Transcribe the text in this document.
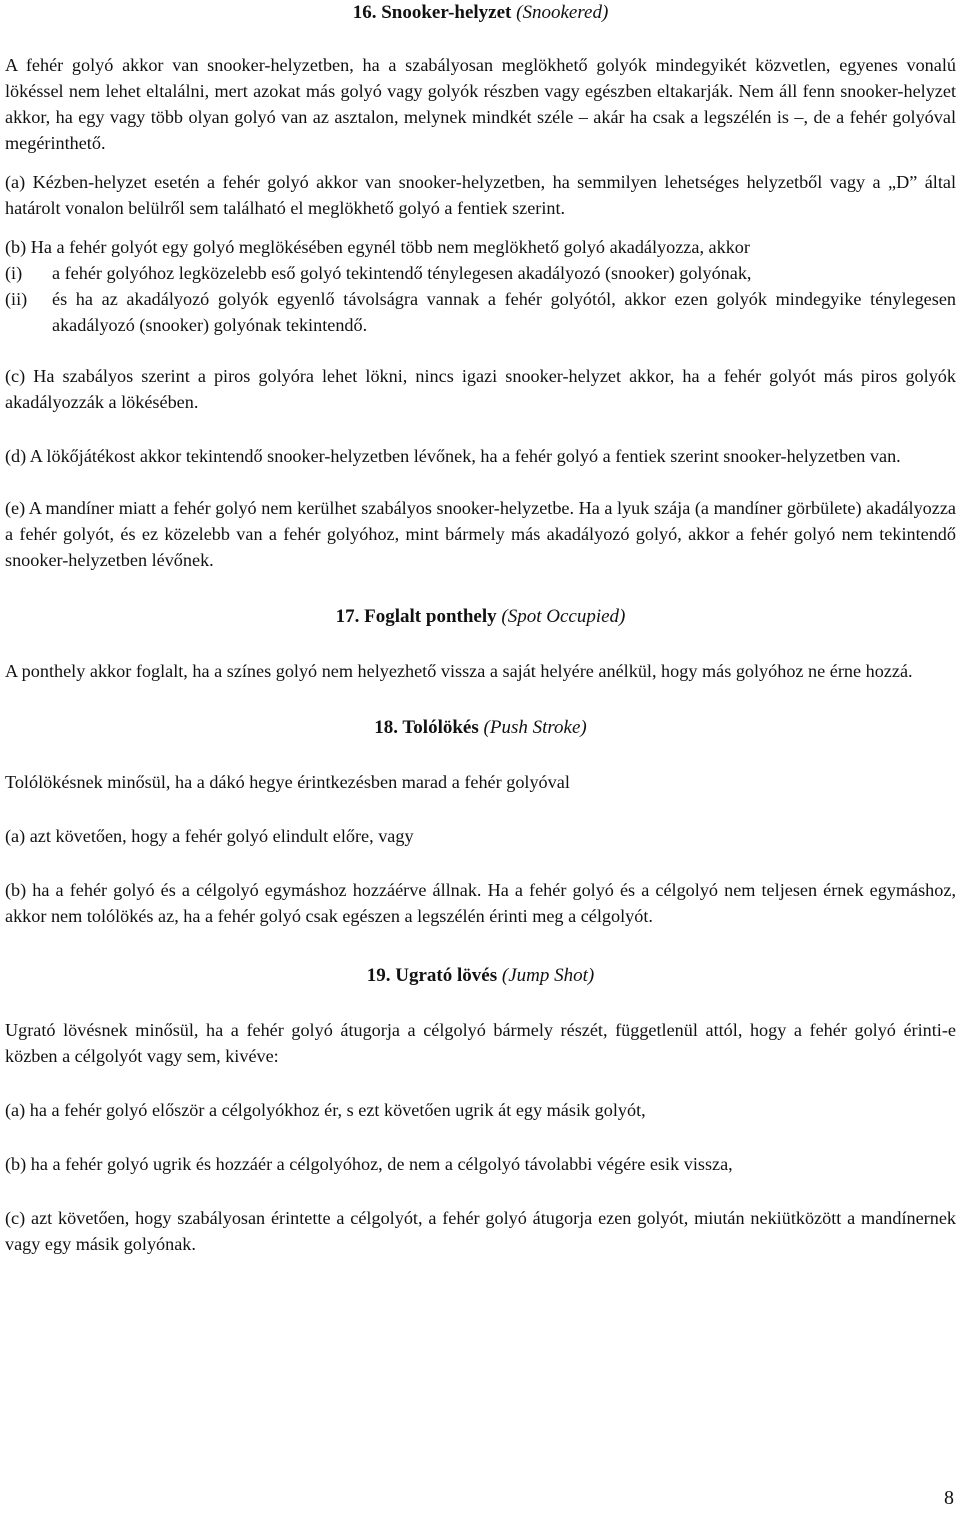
16. Snooker-helyzet (Snookered)

A fehér golyó akkor van snooker-helyzetben, ha a szabályosan meglökhető golyók mindegyikét közvetlen, egyenes vonalú lökéssel nem lehet eltalálni, mert azokat más golyó vagy golyók részben vagy egészben eltakarják. Nem áll fenn snooker-helyzet akkor, ha egy vagy több olyan golyó van az asztalon, melynek mindkét széle – akár ha csak a legszélén is –, de a fehér golyóval megérinthető.

(a) Kézben-helyzet esetén a fehér golyó akkor van snooker-helyzetben, ha semmilyen lehetséges helyzetből vagy a „D” által határolt vonalon belülről sem található el meglökhető golyó a fentiek szerint.

(b) Ha a fehér golyót egy golyó meglökésében egynél több nem meglökhető golyó akadályozza, akkor

(i)	a fehér golyóhoz legközelebb eső golyó tekintendő ténylegesen akadályozó (snooker) golyónak,
(ii)	és ha az akadályozó golyók egyenlő távolságra vannak a fehér golyótól, akkor ezen golyók mindegyike ténylegesen akadályozó (snooker) golyónak tekintendő.

(c) Ha szabályos szerint a piros golyóra lehet lökni, nincs igazi snooker-helyzet akkor, ha a fehér golyót más piros golyók akadályozzák a lökésében.

(d) A lökőjátékost akkor tekintendő snooker-helyzetben lévőnek, ha a fehér golyó a fentiek szerint snooker-helyzetben van.

(e) A mandíner miatt a fehér golyó nem kerülhet szabályos snooker-helyzetbe. Ha a lyuk szája (a mandíner görbülete) akadályozza a fehér golyót, és ez közelebb van a fehér golyóhoz, mint bármely más akadályozó golyó, akkor a fehér golyó nem tekintendő snooker-helyzetben lévőnek.

17. Foglalt ponthely (Spot Occupied)

A ponthely akkor foglalt, ha a színes golyó nem helyezhető vissza a saját helyére anélkül, hogy más golyóhoz ne érne hozzá.

18. Tolólökés (Push Stroke)

Tolólökésnek minősül, ha a dákó hegye érintkezésben marad a fehér golyóval

(a) azt követően, hogy a fehér golyó elindult előre, vagy

(b) ha a fehér golyó és a célgolyó egymáshoz hozzáérve állnak. Ha a fehér golyó és a célgolyó nem teljesen érnek egymáshoz, akkor nem tolólökés az, ha a fehér golyó csak egészen a legszélén érinti meg a célgolyót.

19. Ugrató lövés (Jump Shot)

Ugrató lövésnek minősül, ha a fehér golyó átugorja a célgolyó bármely részét, függetlenül attól, hogy a fehér golyó érinti-e közben a célgolyót vagy sem, kivéve:

(a) ha a fehér golyó először a célgolyókhoz ér, s ezt követően ugrik át egy másik golyót,

(b) ha a fehér golyó ugrik és hozzáér a célgolyóhoz, de nem a célgolyó távolabbi végére esik vissza,

(c) azt követően, hogy szabályosan érintette a célgolyót, a fehér golyó átugorja ezen golyót, miután nekiütközött a mandínernek vagy egy másik golyónak.

8
